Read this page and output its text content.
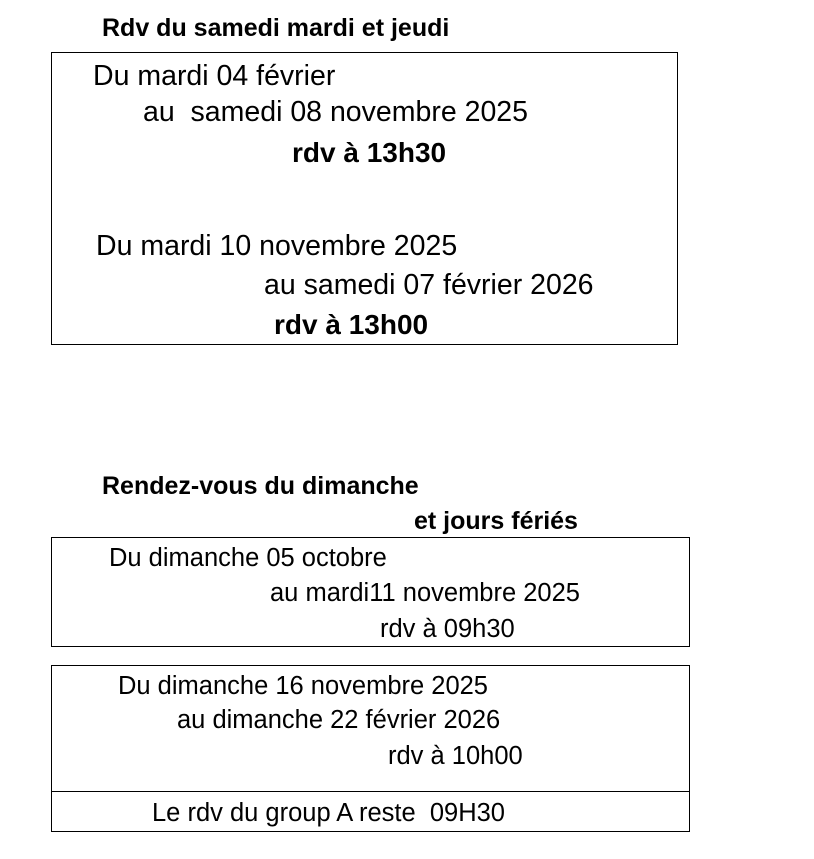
Rdv du samedi mardi et jeudi
Du mardi 04 février
au  samedi 08 novembre 2025
rdv à 13h30
Du mardi 10 novembre 2025
au samedi 07 février 2026
rdv à 13h00
Rendez-vous du dimanche
et jours fériés
Du dimanche 05 octobre
au mardi11 novembre 2025
rdv à 09h30
Du dimanche 16 novembre 2025
au dimanche 22 février 2026
rdv à 10h00
Le rdv du group A reste  09H30
